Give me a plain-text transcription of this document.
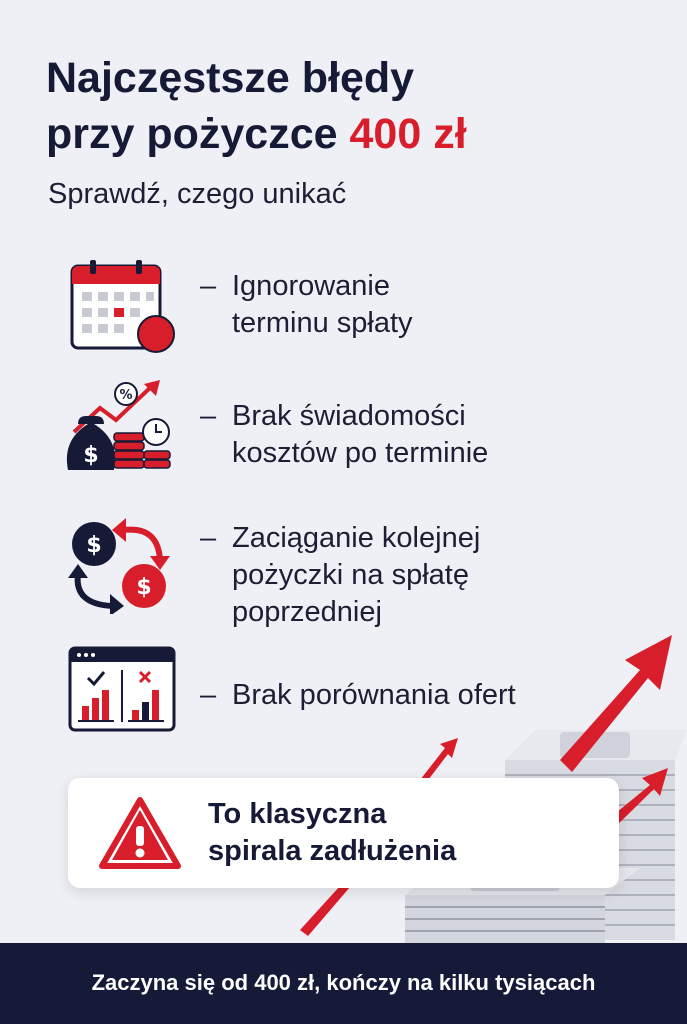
Najczęstsze błędy
przy pożyczce 400 zł

Sprawdź, czego unikać

– Ignorowanie
terminu spłaty
%
$
– Brak świadomości
kosztów po terminie
$
$
– Zaciąganie kolejnej
pożyczki na spłatę
poprzedniej
– Brak porównania ofert

To klasyczna
spirala zadłużenia

Zaczyna się od 400 zł, kończy na kilku tysiącach
